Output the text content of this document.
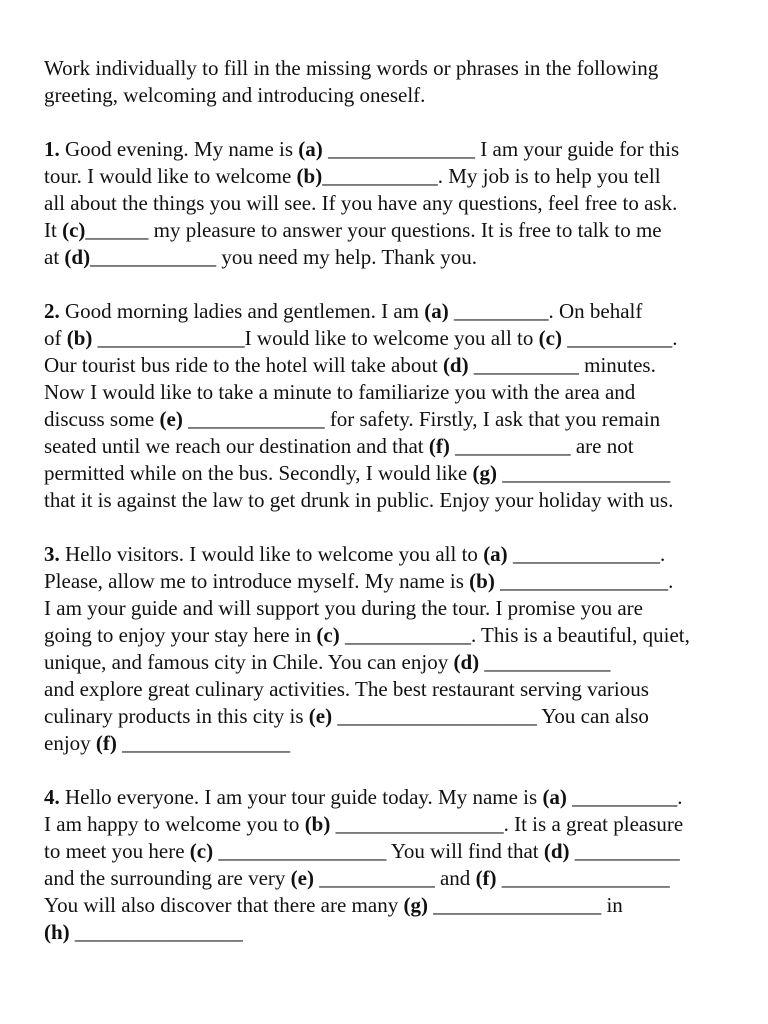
Work individually to fill in the missing words or phrases in the following
greeting, welcoming and introducing oneself.
1. Good evening. My name is (a) ______________ I am your guide for this
tour. I would like to welcome (b)___________. My job is to help you tell
all about the things you will see. If you have any questions, feel free to ask.
It (c)______ my pleasure to answer your questions. It is free to talk to me
at (d)____________ you need my help. Thank you.
2. Good morning ladies and gentlemen. I am (a) _________. On behalf
of (b) ______________I would like to welcome you all to (c) __________.
Our tourist bus ride to the hotel will take about (d) __________ minutes.
Now I would like to take a minute to familiarize you with the area and
discuss some (e) _____________ for safety. Firstly, I ask that you remain
seated until we reach our destination and that (f) ___________ are not
permitted while on the bus. Secondly, I would like (g) ________________
that it is against the law to get drunk in public. Enjoy your holiday with us.
3. Hello visitors. I would like to welcome you all to (a) ______________.
Please, allow me to introduce myself. My name is (b) ________________.
I am your guide and will support you during the tour. I promise you are
going to enjoy your stay here in (c) ____________. This is a beautiful, quiet,
unique, and famous city in Chile. You can enjoy (d) ____________
and explore great culinary activities. The best restaurant serving various
culinary products in this city is (e) ___________________ You can also
enjoy (f) ________________
4. Hello everyone. I am your tour guide today. My name is (a) __________.
I am happy to welcome you to (b) ________________. It is a great pleasure
to meet you here (c) ________________ You will find that (d) __________
and the surrounding are very (e) ___________ and (f) ________________
You will also discover that there are many (g) ________________ in
(h) ________________
